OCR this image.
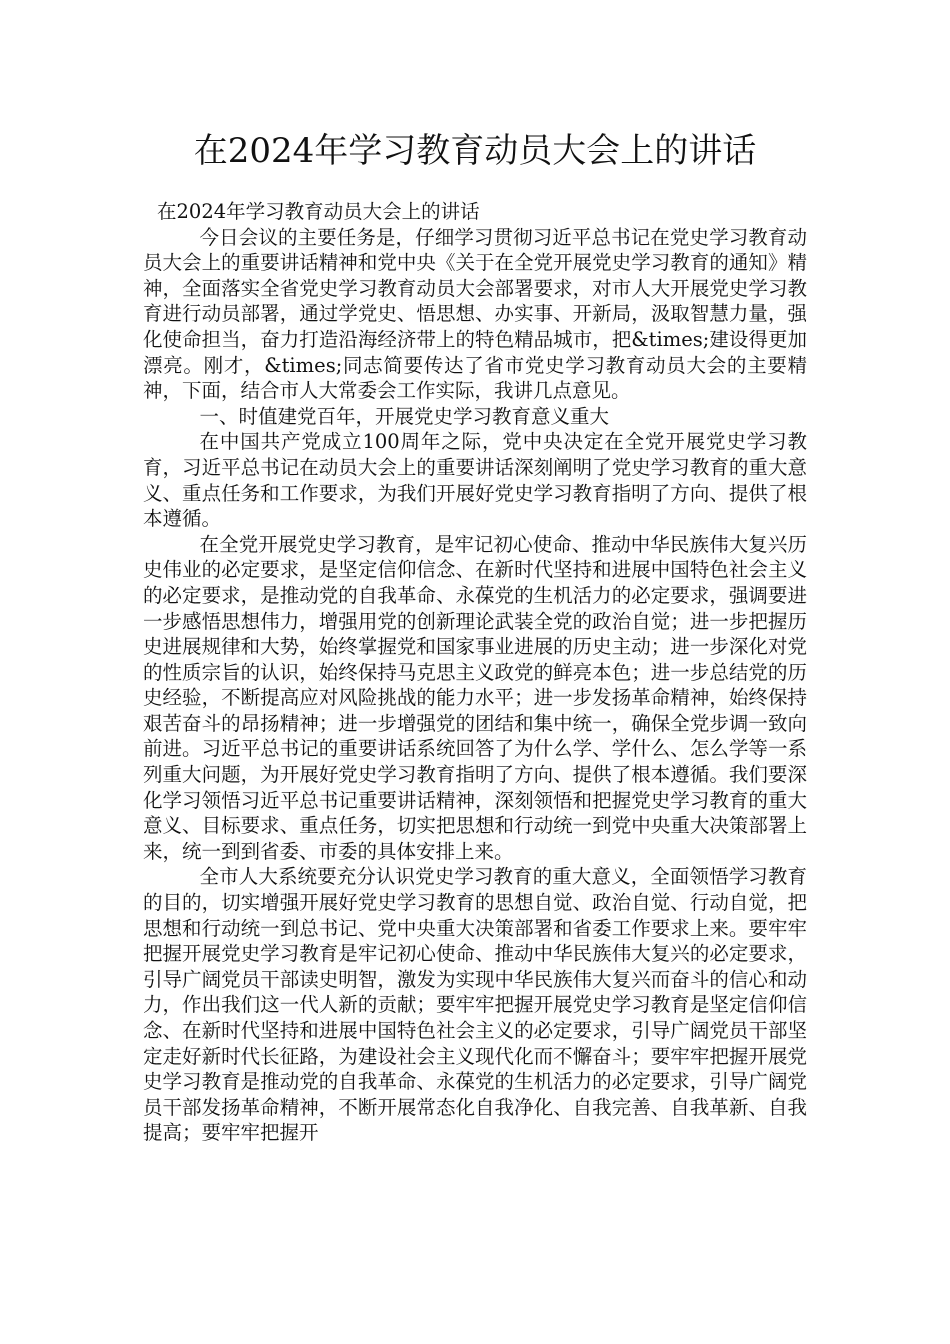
在2024年学习教育动员大会上的讲话

在2024年学习教育动员大会上的讲话

今日会议的主要任务是，仔细学习贯彻习近平总书记在党史学习教育动员大会上的重要讲话精神和党中央《关于在全党开展党史学习教育的通知》精神，全面落实全省党史学习教育动员大会部署要求，对市人大开展党史学习教育进行动员部署，通过学党史、悟思想、办实事、开新局，汲取智慧力量，强化使命担当，奋力打造沿海经济带上的特色精品城市，把&times;建设得更加漂亮。刚才，&times;同志简要传达了省市党史学习教育动员大会的主要精神，下面，结合市人大常委会工作实际，我讲几点意见。

一、时值建党百年，开展党史学习教育意义重大

在中国共产党成立100周年之际，党中央决定在全党开展党史学习教育，习近平总书记在动员大会上的重要讲话深刻阐明了党史学习教育的重大意义、重点任务和工作要求，为我们开展好党史学习教育指明了方向、提供了根本遵循。

在全党开展党史学习教育，是牢记初心使命、推动中华民族伟大复兴历史伟业的必定要求，是坚定信仰信念、在新时代坚持和进展中国特色社会主义的必定要求，是推动党的自我革命、永葆党的生机活力的必定要求，强调要进一步感悟思想伟力，增强用党的创新理论武装全党的政治自觉；进一步把握历史进展规律和大势，始终掌握党和国家事业进展的历史主动；进一步深化对党的性质宗旨的认识，始终保持马克思主义政党的鲜亮本色；进一步总结党的历史经验，不断提高应对风险挑战的能力水平；进一步发扬革命精神，始终保持艰苦奋斗的昂扬精神；进一步增强党的团结和集中统一，确保全党步调一致向前进。习近平总书记的重要讲话系统回答了为什么学、学什么、怎么学等一系列重大问题，为开展好党史学习教育指明了方向、提供了根本遵循。我们要深化学习领悟习近平总书记重要讲话精神，深刻领悟和把握党史学习教育的重大意义、目标要求、重点任务，切实把思想和行动统一到党中央重大决策部署上来，统一到到省委、市委的具体安排上来。

全市人大系统要充分认识党史学习教育的重大意义，全面领悟学习教育的目的，切实增强开展好党史学习教育的思想自觉、政治自觉、行动自觉，把思想和行动统一到总书记、党中央重大决策部署和省委工作要求上来。要牢牢把握开展党史学习教育是牢记初心使命、推动中华民族伟大复兴的必定要求，引导广阔党员干部读史明智，激发为实现中华民族伟大复兴而奋斗的信心和动力，作出我们这一代人新的贡献；要牢牢把握开展党史学习教育是坚定信仰信念、在新时代坚持和进展中国特色社会主义的必定要求，引导广阔党员干部坚定走好新时代长征路，为建设社会主义现代化而不懈奋斗；要牢牢把握开展党史学习教育是推动党的自我革命、永葆党的生机活力的必定要求，引导广阔党员干部发扬革命精神，不断开展常态化自我净化、自我完善、自我革新、自我提高；要牢牢把握开
